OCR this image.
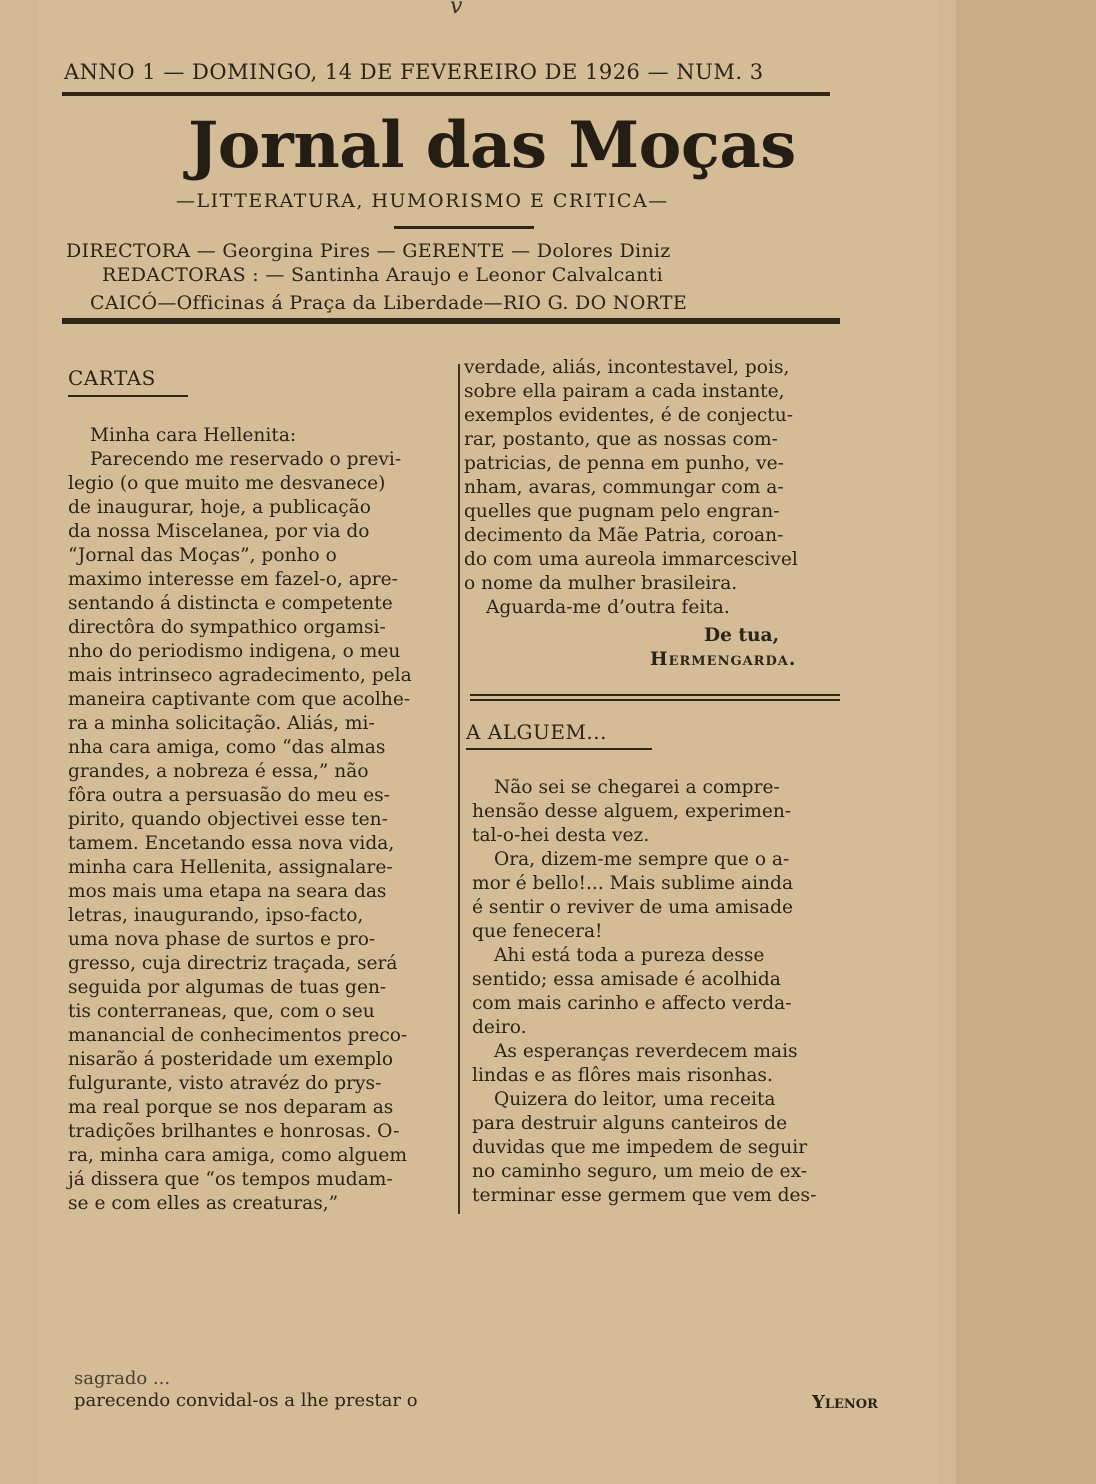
v
ANNO 1 — DOMINGO, 14 DE FEVEREIRO DE 1926 — NUM. 3
Jornal das Moças
—LITTERATURA, HUMORISMO E CRITICA—
DIRECTORA — Georgina Pires — GERENTE — Dolores Diniz
REDACTORAS : — Santinha Araujo e Leonor Calvalcanti
CAICÓ—Officinas á Praça da Liberdade—RIO G. DO NORTE
CARTAS

Minha cara Hellenita:

Parecendo me reservado o previ-

legio (o que muito me desvanece)

de inaugurar, hoje, a publicação

da nossa Miscelanea, por via do

“Jornal das Moças”, ponho o

maximo interesse em fazel-o, apre-

sentando á distincta e competente

directôra do sympathico orgamsi-

nho do periodismo indigena, o meu

mais intrinseco agradecimento, pela

maneira captivante com que acolhe-

ra a minha solicitação. Aliás, mi-

nha cara amiga, como “das almas

grandes, a nobreza é essa,” não

fôra outra a persuasão do meu es-

pirito, quando objectivei esse ten-

tamem. Encetando essa nova vida,

minha cara Hellenita, assignalare-

mos mais uma etapa na seara das

letras, inaugurando, ipso-facto,

uma nova phase de surtos e pro-

gresso, cuja directriz traçada, será

seguida por algumas de tuas gen-

tis conterraneas, que, com o seu

manancial de conhecimentos preco-

nisarão á posteridade um exemplo

fulgurante, visto atravéz do prys-

ma real porque se nos deparam as

tradições brilhantes e honrosas. O-

ra, minha cara amiga, como alguem

já dissera que “os tempos mudam-

se e com elles as creaturas,”

verdade, aliás, incontestavel, pois,

sobre ella pairam a cada instante,

exemplos evidentes, é de conjectu-

rar, postanto, que as nossas com-

patricias, de penna em punho, ve-

nham, avaras, commungar com a-

quelles que pugnam pelo engran-

decimento da Mãe Patria, coroan-

do com uma aureola immarcescivel

o nome da mulher brasileira.

Aguarda-me d’outra feita.

De tua,

Hermengarda.

A ALGUEM...

Não sei se chegarei a compre-

hensão desse alguem, experimen-

tal-o-hei desta vez.

Ora, dizem-me sempre que o a-

mor é bello!... Mais sublime ainda

é sentir o reviver de uma amisade

que fenecera!

Ahi está toda a pureza desse

sentido; essa amisade é acolhida

com mais carinho e affecto verda-

deiro.

As esperanças reverdecem mais

lindas e as flôres mais risonhas.

Quizera do leitor, uma receita

para destruir alguns canteiros de

duvidas que me impedem de seguir

no caminho seguro, um meio de ex-

terminar esse germem que vem des-

sagrado ...
parecendo convidal-os a lhe prestar o	Ylenor
